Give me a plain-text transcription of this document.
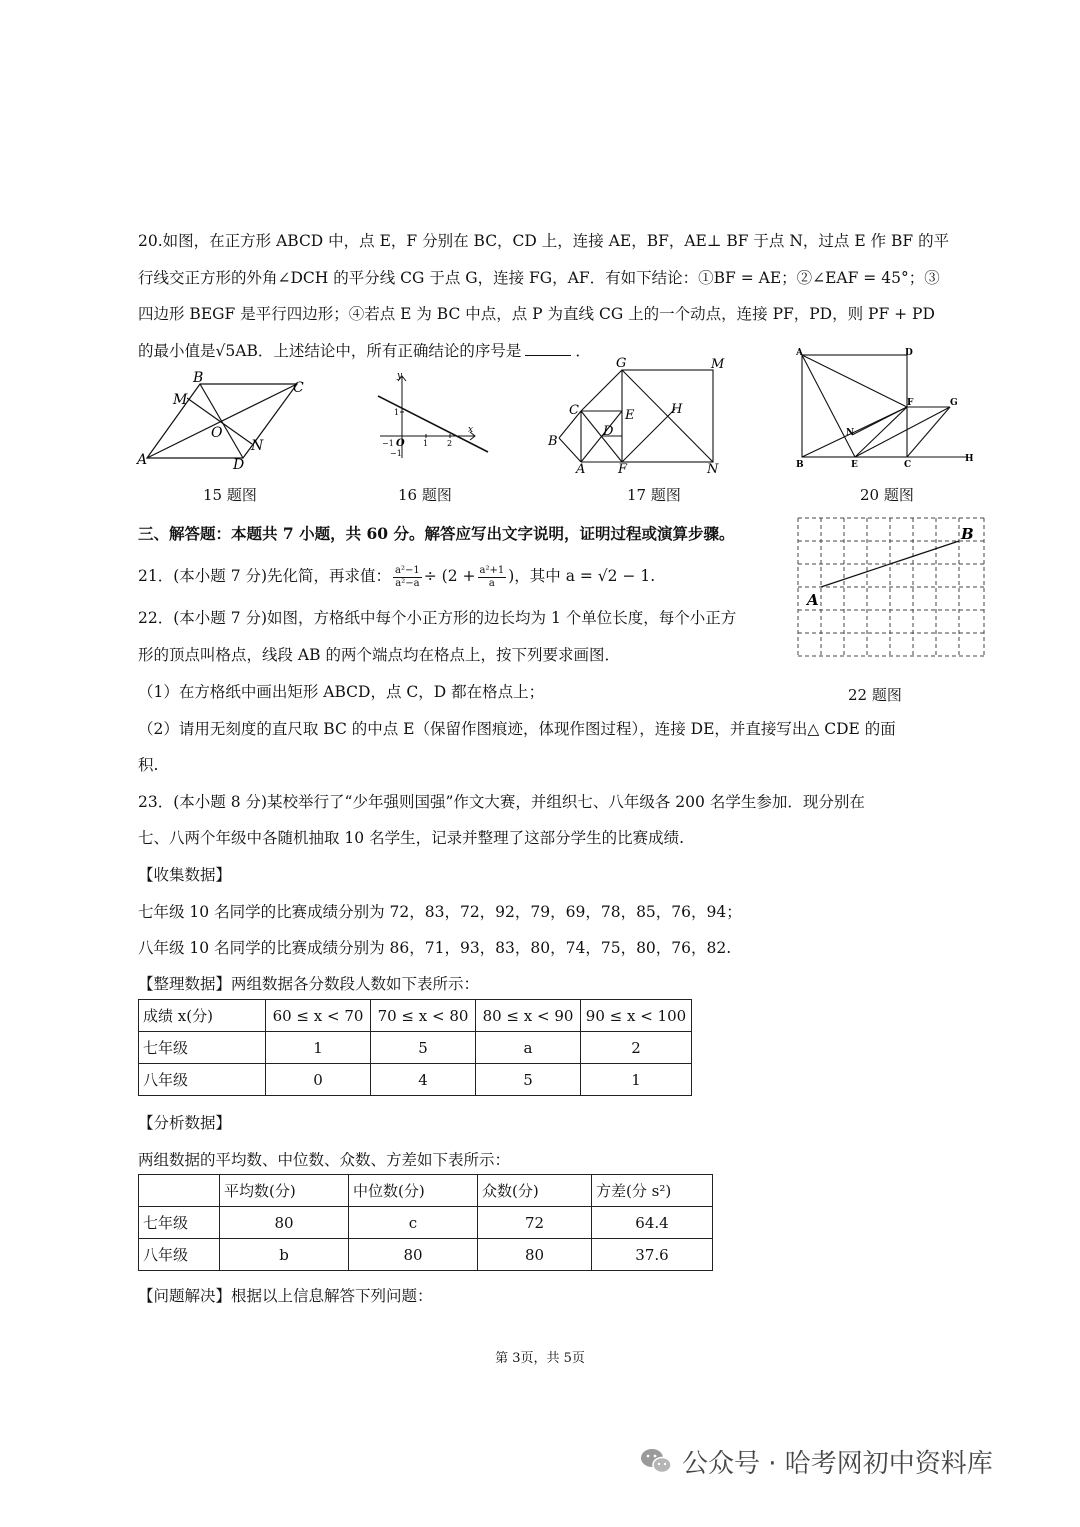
20.如图，在正方形 ABCD 中，点 E，F 分别在 BC，CD 上，连接 AE，BF，AE⊥ BF 于点 N，过点 E 作 BF 的平
行线交正方形的外角∠DCH 的平分线 CG 于点 G，连接 FG，AF．有如下结论：①BF = AE；②∠EAF = 45°；③
四边形 BEGF 是平行四边形；④若点 E 为 BC 中点，点 P 为直线 CG 上的一个动点，连接 PF，PD，则 PF + PD
的最小值是√5AB．上述结论中，所有正确结论的序号是	．
A
B
C
D
M
N
O
15 题图
y
x
O 1 2
−1
1
−1
16 题图
G	M
C	E	H
B
D
A	F	N
17 题图
A	D
F	G
N
B	E	C
H
20 题图
三、解答题：本题共 7 小题，共 60 分。解答应写出文字说明，证明过程或演算步骤。
A
B
22 题图
21．(本小题 7 分)先化简，再求值： $\frac{\text{a²−1}}{\text{a²−a}} \div (2 + \frac{\text{a²+1}}{a}$ )，其中 a = √2 − 1.
22．(本小题 7 分)如图，方格纸中每个小正方形的边长均为 1 个单位长度，每个小正方
形的顶点叫格点，线段 AB 的两个端点均在格点上，按下列要求画图．
（1）在方格纸中画出矩形 ABCD，点 C，D 都在格点上；
（2）请用无刻度的直尺取 BC 的中点 E（保留作图痕迹，体现作图过程），连接 DE，并直接写出△ CDE 的面
积.
23．(本小题 8 分)某校举行了“少年强则国强”作文大赛，并组织七、八年级各 200 名学生参加．现分别在
七、八两个年级中各随机抽取 10 名学生，记录并整理了这部分学生的比赛成绩.
【收集数据】
七年级 10 名同学的比赛成绩分别为 72，83，72，92，79，69，78，85，76，94；
八年级 10 名同学的比赛成绩分别为 86，71，93，83，80，74，75，80，76，82.
【整理数据】两组数据各分数段人数如下表所示：
成绩 x(分)	60 ≤ x < 70	70 ≤ x < 80	80 ≤ x < 90	90 ≤ x < 100
七年级	1	5	a	2
八年级	0	4	5	1
【分析数据】
两组数据的平均数、中位数、众数、方差如下表所示：
	平均数(分)	中位数(分)	众数(分)	方差(分 s²)
七年级	80	c	72	64.4
八年级	b	80	80	37.6
【问题解决】根据以上信息解答下列问题：
第 3页，共 5页
公众号 · 哈考网初中资料库
